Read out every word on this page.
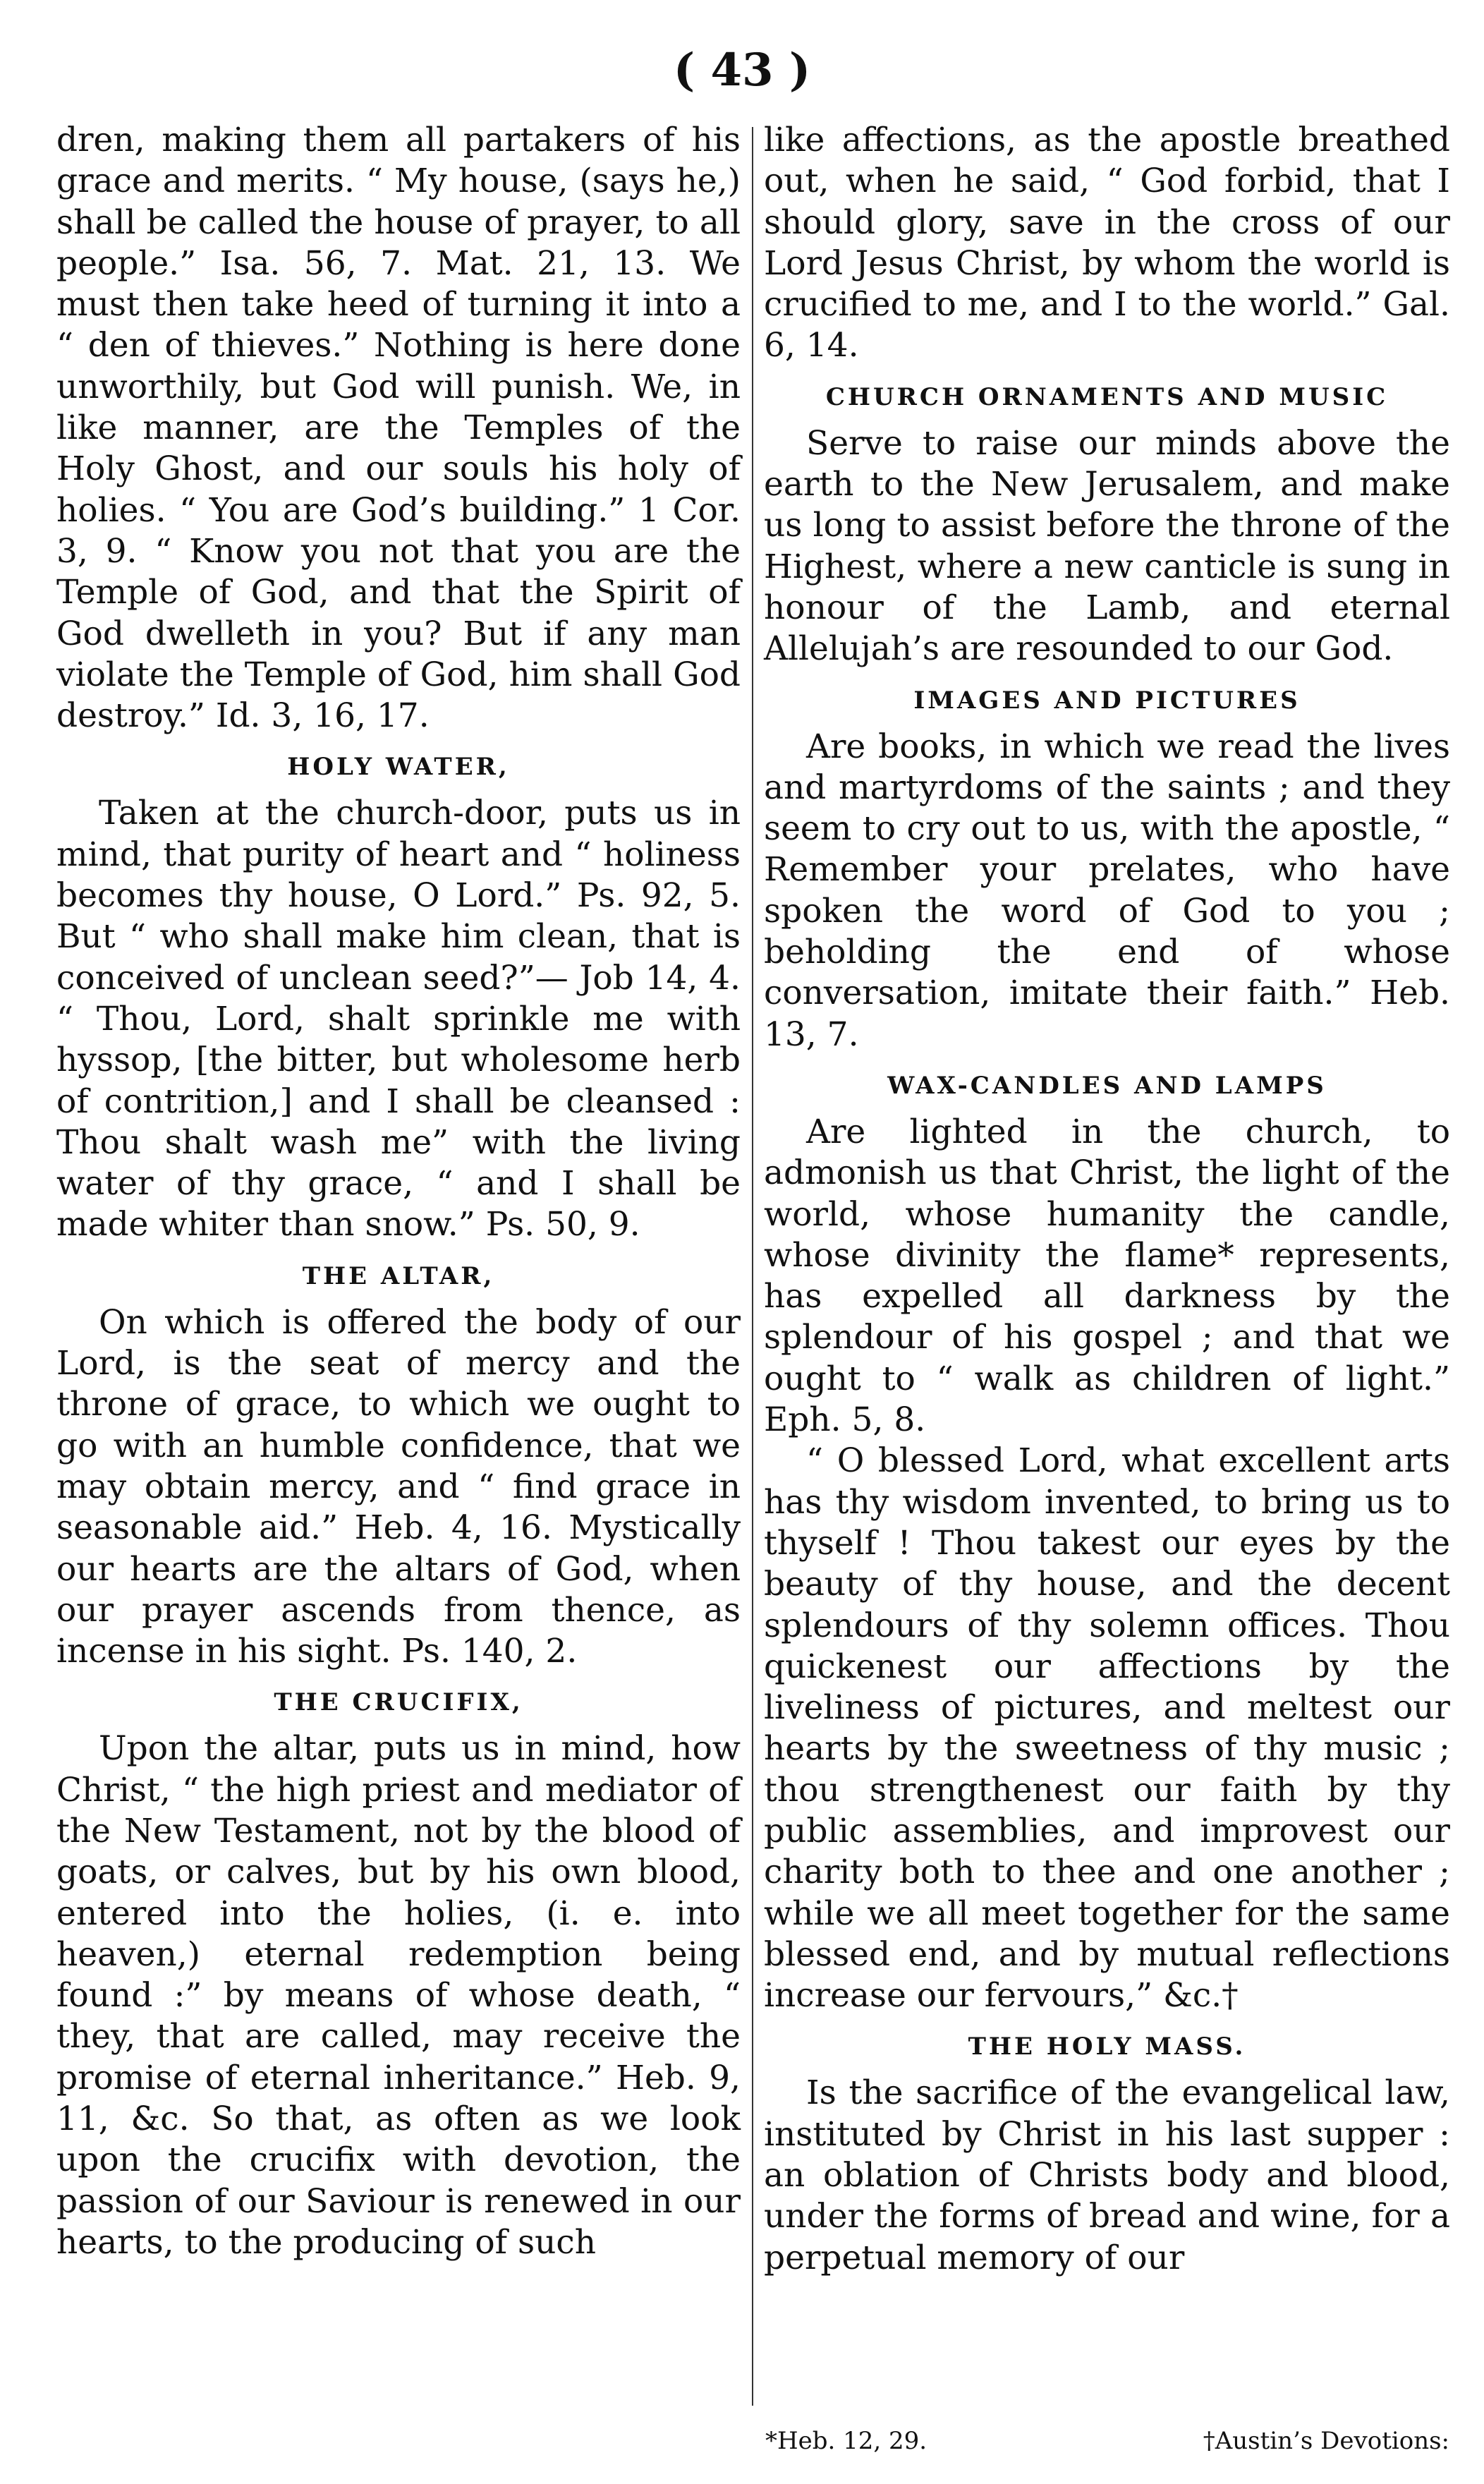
( 43 )

dren, making them all partakers of his grace and merits. “ My house, (says he,) shall be called the house of prayer, to all people.” Isa. 56, 7. Mat. 21, 13. We must then take heed of turning it into a “ den of thieves.” Nothing is here done unworthily, but God will punish. We, in like manner, are the Temples of the Holy Ghost, and our souls his holy of holies. “ You are God’s building.” 1 Cor. 3, 9. “ Know you not that you are the Temple of God, and that the Spirit of God dwelleth in you? But if any man violate the Temple of God, him shall God destroy.” Id. 3, 16, 17.

HOLY WATER,

Taken at the church-door, puts us in mind, that purity of heart and “ holiness becomes thy house, O Lord.” Ps. 92, 5. But “ who shall make him clean, that is conceived of unclean seed?”— Job 14, 4. “ Thou, Lord, shalt sprinkle me with hyssop, [the bitter, but wholesome herb of contrition,] and I shall be cleansed : Thou shalt wash me” with the living water of thy grace, “ and I shall be made whiter than snow.” Ps. 50, 9.

THE ALTAR,

On which is offered the body of our Lord, is the seat of mercy and the throne of grace, to which we ought to go with an humble confidence, that we may obtain mercy, and “ find grace in seasonable aid.” Heb. 4, 16. Mystically our hearts are the altars of God, when our prayer ascends from thence, as incense in his sight. Ps. 140, 2.

THE CRUCIFIX,

Upon the altar, puts us in mind, how Christ, “ the high priest and mediator of the New Testament, not by the blood of goats, or calves, but by his own blood, entered into the holies, (i. e. into heaven,) eternal redemption being found :” by means of whose death, “ they, that are called, may receive the promise of eternal inheritance.” Heb. 9, 11, &c. So that, as often as we look upon the crucifix with devotion, the passion of our Saviour is renewed in our hearts, to the producing of such

like affections, as the apostle breathed out, when he said, “ God forbid, that I should glory, save in the cross of our Lord Jesus Christ, by whom the world is crucified to me, and I to the world.” Gal. 6, 14.

CHURCH ORNAMENTS AND MUSIC

Serve to raise our minds above the earth to the New Jerusalem, and make us long to assist before the throne of the Highest, where a new canticle is sung in honour of the Lamb, and eternal Allelujah’s are resounded to our God.

IMAGES AND PICTURES

Are books, in which we read the lives and martyrdoms of the saints ; and they seem to cry out to us, with the apostle, “ Remember your prelates, who have spoken the word of God to you ; beholding the end of whose conversation, imitate their faith.” Heb. 13, 7.

WAX-CANDLES AND LAMPS

Are lighted in the church, to admonish us that Christ, the light of the world, whose humanity the candle, whose divinity the flame* represents, has expelled all darkness by the splendour of his gospel ; and that we ought to “ walk as children of light.” Eph. 5, 8.

“ O blessed Lord, what excellent arts has thy wisdom invented, to bring us to thyself ! Thou takest our eyes by the beauty of thy house, and the decent splendours of thy solemn offices. Thou quickenest our affections by the liveliness of pictures, and meltest our hearts by the sweetness of thy music ; thou strengthenest our faith by thy public assemblies, and improvest our charity both to thee and one another ; while we all meet together for the same blessed end, and by mutual reflections increase our fervours,” &c.†

THE HOLY MASS.

Is the sacrifice of the evangelical law, instituted by Christ in his last supper : an oblation of Christs body and blood, under the forms of bread and wine, for a perpetual memory of our

*Heb. 12, 29.	†Austin’s Devotions:
